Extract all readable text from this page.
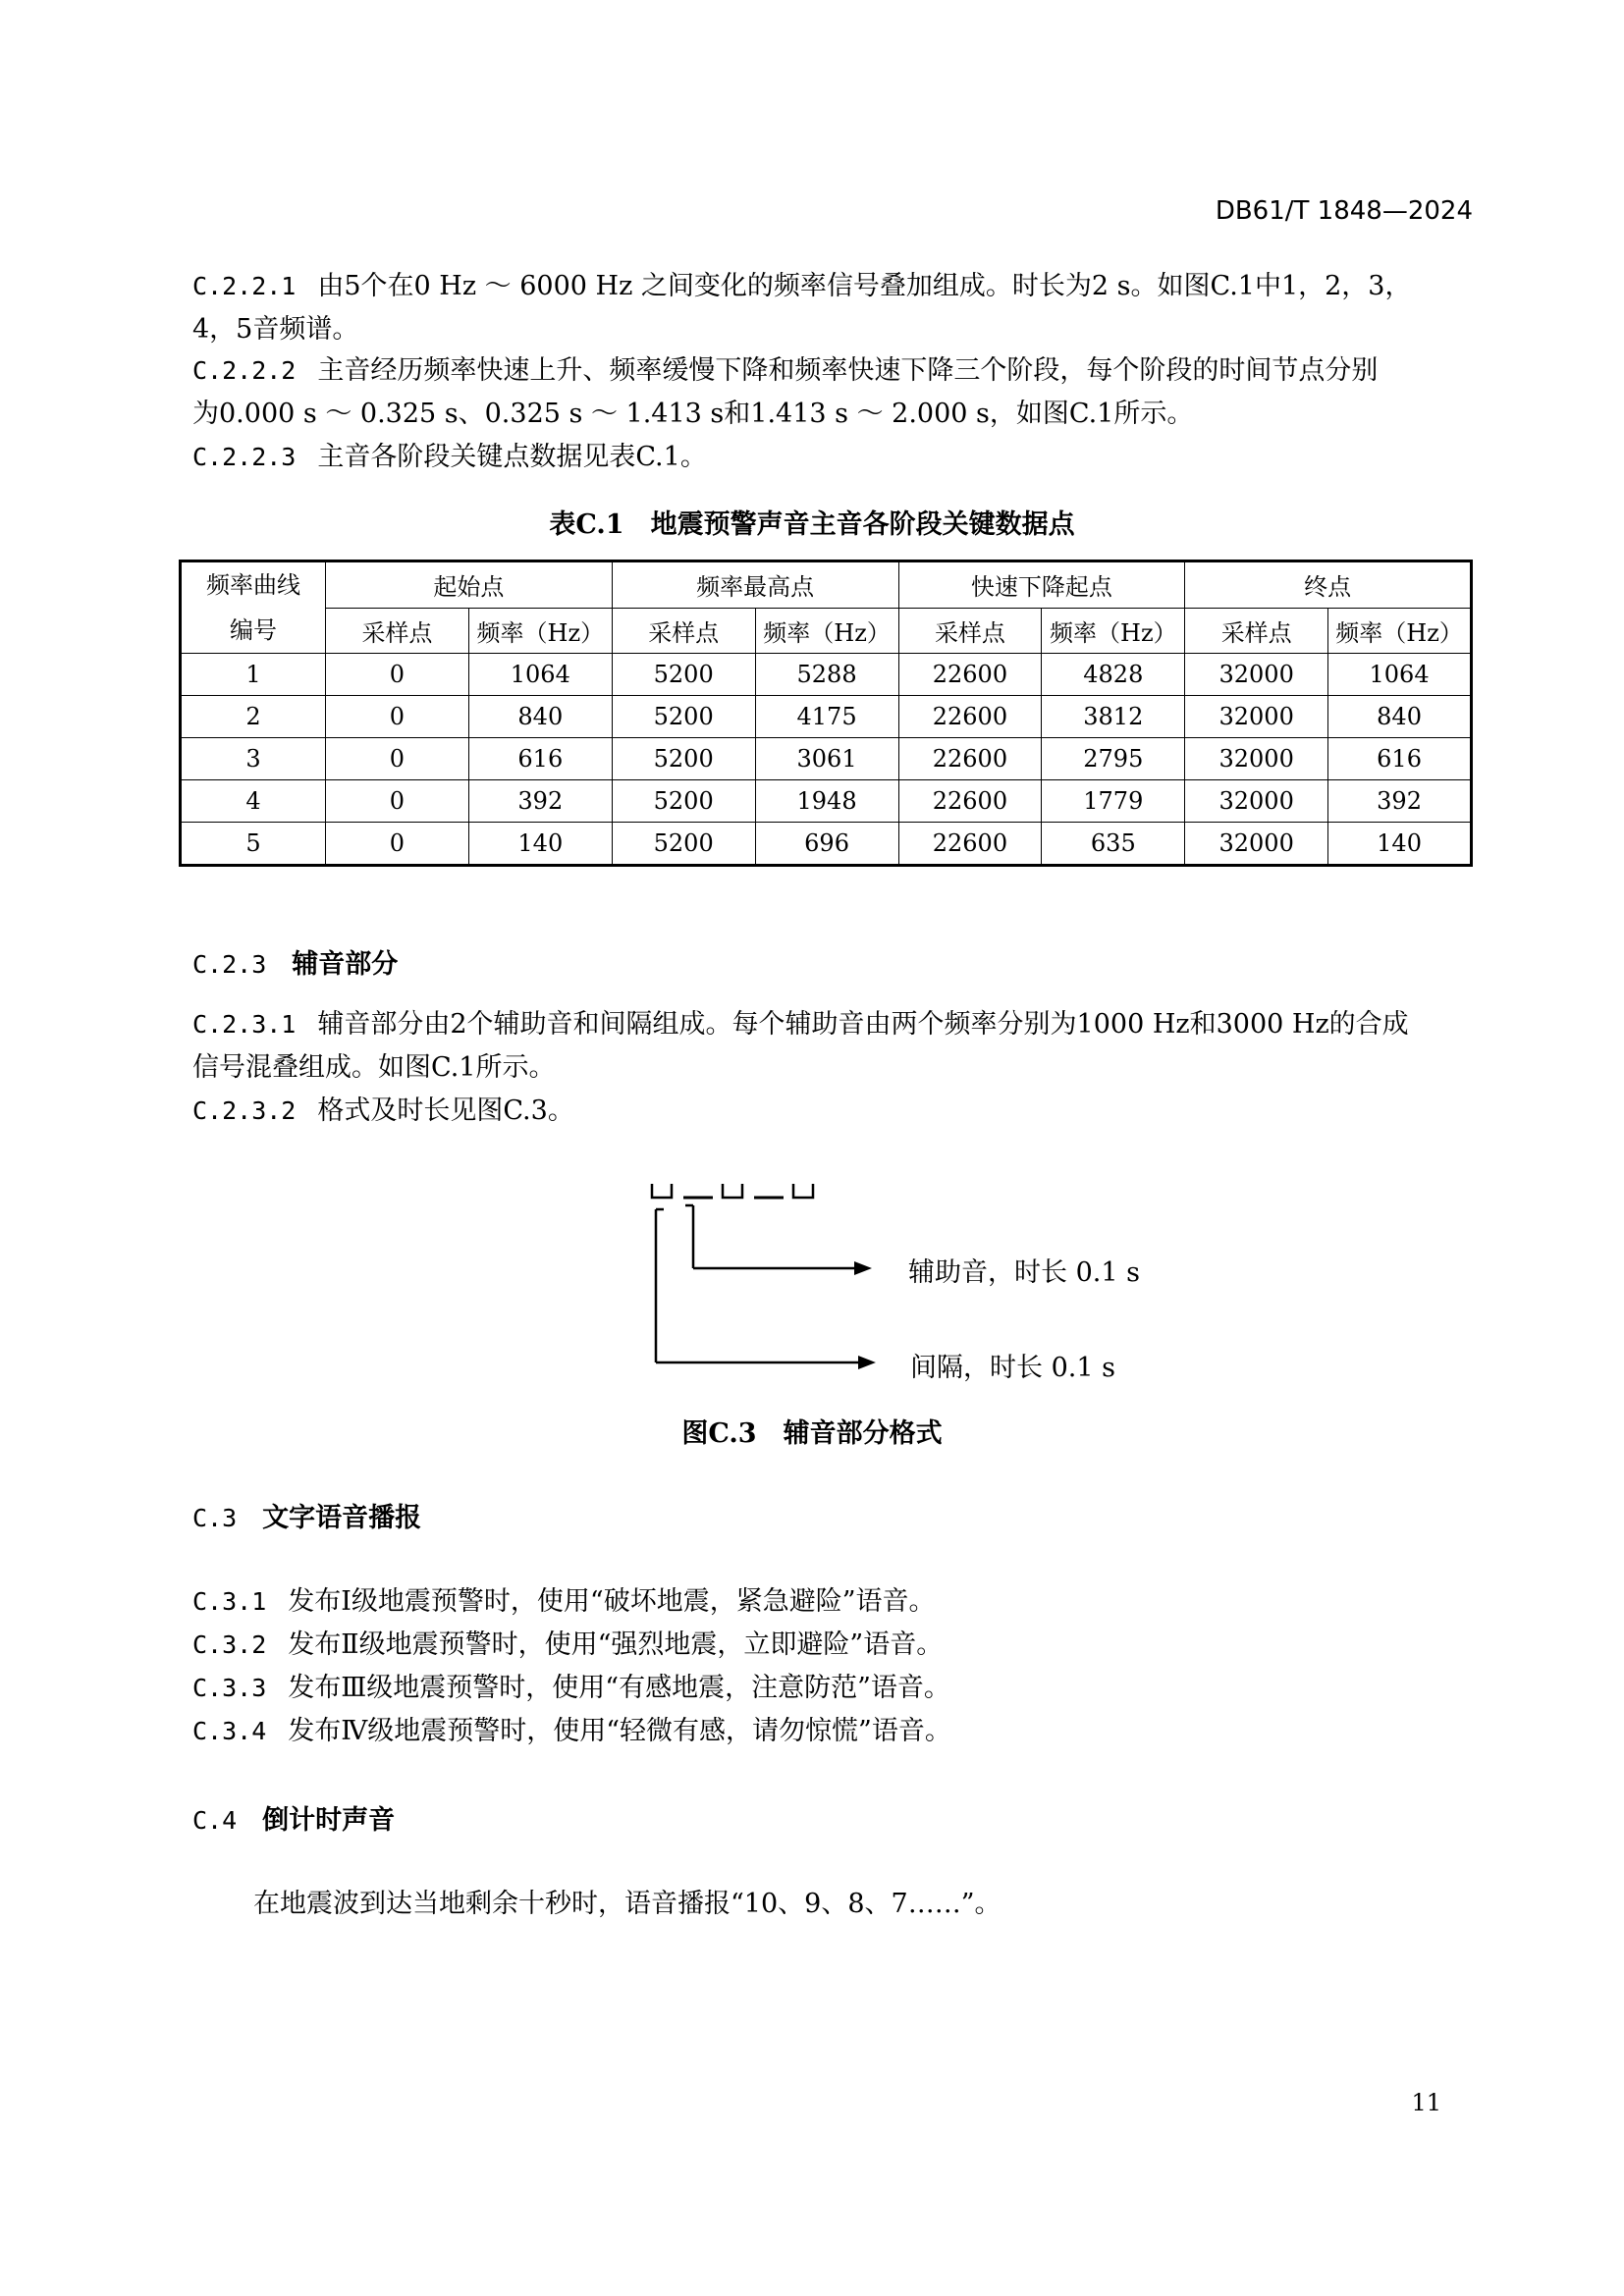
DB61/T 1848—2024
C.2.2.1 由5个在0 Hz ～ 6000 Hz 之间变化的频率信号叠加组成。时长为2 s。如图C.1中1，2，3，
4，5音频谱。
C.2.2.2 主音经历频率快速上升、频率缓慢下降和频率快速下降三个阶段，每个阶段的时间节点分别
为0.000 s ～ 0.325 s、0.325 s ～ 1.413 s和1.413 s ～ 2.000 s，如图C.1所示。
C.2.2.3 主音各阶段关键点数据见表C.1。
表C.1　地震预警声音主音各阶段关键数据点
频率曲线
编号	起始点		频率最高点		快速下降起点		终点	
	采样点	频率（Hz）	采样点	频率（Hz）	采样点	频率（Hz）	采样点	频率（Hz）
1	0	1064	5200	5288	22600	4828	32000	1064
2	0	840	5200	4175	22600	3812	32000	840
3	0	616	5200	3061	22600	2795	32000	616
4	0	392	5200	1948	22600	1779	32000	392
5	0	140	5200	696	22600	635	32000	140
C.2.3 辅音部分
C.2.3.1 辅音部分由2个辅助音和间隔组成。每个辅助音由两个频率分别为1000 Hz和3000 Hz的合成
信号混叠组成。如图C.1所示。
C.2.3.2 格式及时长见图C.3。
辅助音，时长 0.1 s
间隔，时长 0.1 s
图C.3　辅音部分格式
C.3 文字语音播报
C.3.1 发布Ⅰ级地震预警时，使用“破坏地震，紧急避险”语音。
C.3.2 发布Ⅱ级地震预警时，使用“强烈地震，立即避险”语音。
C.3.3 发布Ⅲ级地震预警时，使用“有感地震，注意防范”语音。
C.3.4 发布Ⅳ级地震预警时，使用“轻微有感，请勿惊慌”语音。
C.4 倒计时声音
在地震波到达当地剩余十秒时，语音播报“10、9、8、7……”。
11
